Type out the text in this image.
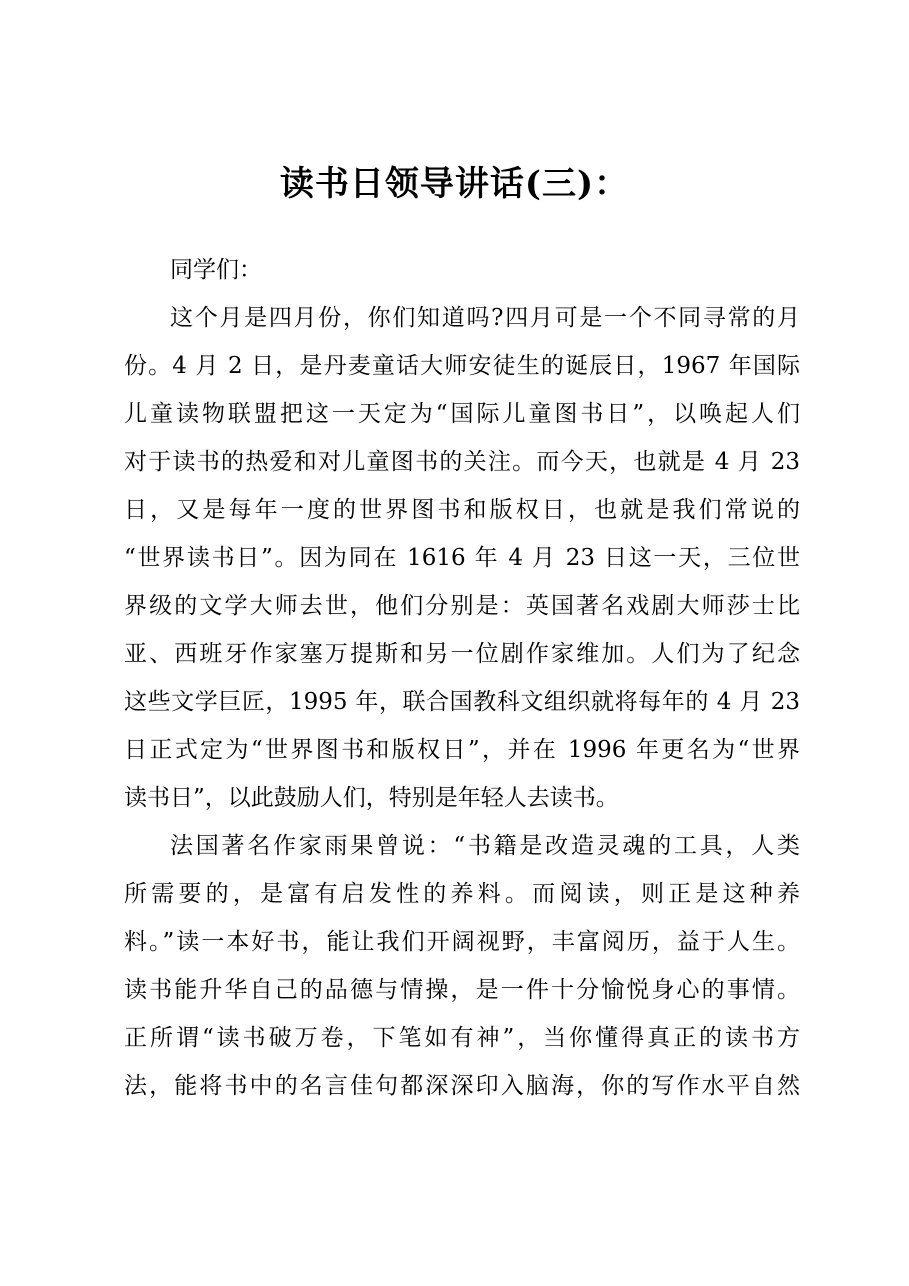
读书日领导讲话(三)：
同学们：
这个月是四月份，你们知道吗?四月可是一个不同寻常的月
份。4 月 2 日，是丹麦童话大师安徒生的诞辰日，1967 年国际
儿童读物联盟把这一天定为“国际儿童图书日”，以唤起人们
对于读书的热爱和对儿童图书的关注。而今天，也就是 4 月 23
日，又是每年一度的世界图书和版权日，也就是我们常说的
“世界读书日”。因为同在 1616 年 4 月 23 日这一天，三位世
界级的文学大师去世，他们分别是：英国著名戏剧大师莎士比
亚、西班牙作家塞万提斯和另一位剧作家维加。人们为了纪念
这些文学巨匠，1995 年，联合国教科文组织就将每年的 4 月 23
日正式定为“世界图书和版权日”，并在 1996 年更名为“世界
读书日”，以此鼓励人们，特别是年轻人去读书。
法国著名作家雨果曾说：“书籍是改造灵魂的工具，人类
所需要的，是富有启发性的养料。而阅读，则正是这种养
料。”读一本好书，能让我们开阔视野，丰富阅历，益于人生。
读书能升华自己的品德与情操，是一件十分愉悦身心的事情。
正所谓“读书破万卷，下笔如有神”，当你懂得真正的读书方
法，能将书中的名言佳句都深深印入脑海，你的写作水平自然
